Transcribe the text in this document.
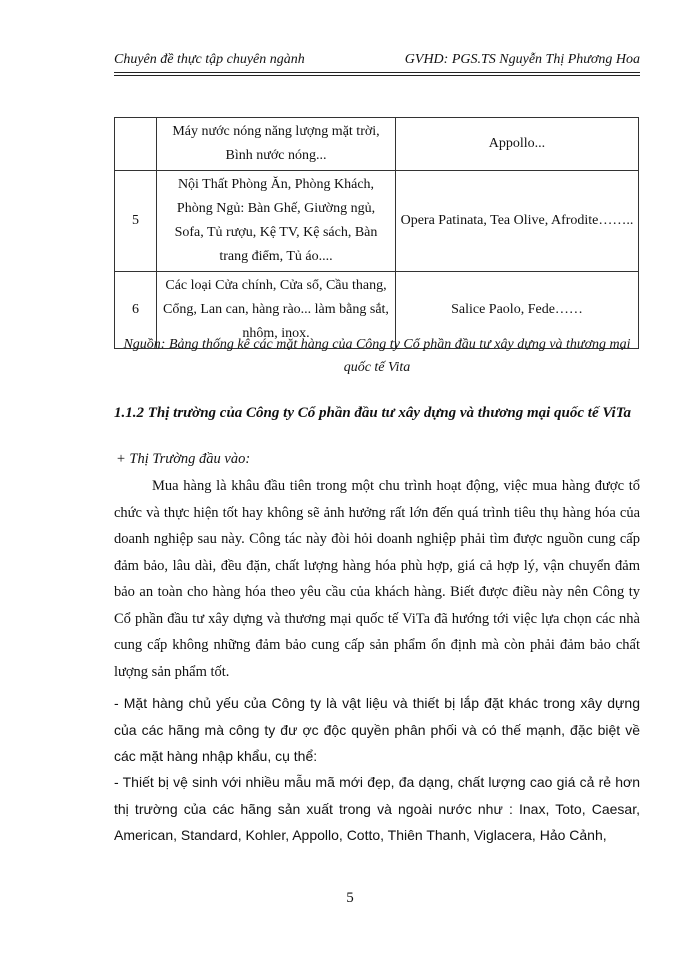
Chuyên đề thực tập chuyên ngành	GVHD: PGS.TS Nguyễn Thị Phương Hoa
	Máy nước nóng năng lượng mặt trời, Bình nước nóng...	Appollo...
5	Nội Thất Phòng Ăn, Phòng Khách, Phòng Ngủ: Bàn Ghế, Giường ngủ, Sofa, Tủ rượu, Kệ TV, Kệ sách, Bàn trang điểm, Tủ áo....	Opera Patinata, Tea Olive, Afrodite……..
6	Các loại Cửa chính, Cửa sổ, Cầu thang, Cổng, Lan can, hàng rào... làm bằng sắt, nhôm, inox.	Salice Paolo, Fede……
Nguồn: Bảng thống kê các mặt hàng của Công ty Cổ phần đầu tư xây dựng và thương mại quốc tế Vita
1.1.2 Thị trường của Công ty Cổ phần đầu tư xây dựng và thương mại quốc tế ViTa
+ Thị Trường đầu vào:
Mua hàng là khâu đầu tiên trong một chu trình hoạt động, việc mua hàng được tổ chức và thực hiện tốt hay không sẽ ảnh hưởng rất lớn đến quá trình tiêu thụ hàng hóa của doanh nghiệp sau này. Công tác này đòi hỏi doanh nghiệp phải tìm được nguồn cung cấp đảm bảo, lâu dài, đều đặn, chất lượng hàng hóa phù hợp, giá cả hợp lý, vận chuyển đảm bảo an toàn cho hàng hóa theo yêu cầu của khách hàng. Biết được điều này nên Công ty Cổ phần đầu tư xây dựng và thương mại quốc tế ViTa đã hướng tới việc lựa chọn các nhà cung cấp không những đảm bảo cung cấp sản phẩm ổn định mà còn phải đảm bảo chất lượng sản phẩm tốt.
- Mặt hàng chủ yếu của Công ty là vật liệu và thiết bị lắp đặt khác trong xây dựng của các hãng mà công ty đư ợc độc quyền phân phối và có thế mạnh, đặc biệt về các mặt hàng nhập khẩu, cụ thể:
- Thiết bị vệ sinh với nhiều mẫu mã mới đẹp, đa dạng, chất lượng cao giá cả rẻ hơn thị trường của các hãng sản xuất trong và ngoài nước như : Inax, Toto, Caesar, American, Standard, Kohler, Appollo, Cotto, Thiên Thanh, Viglacera, Hảo Cảnh,
5
